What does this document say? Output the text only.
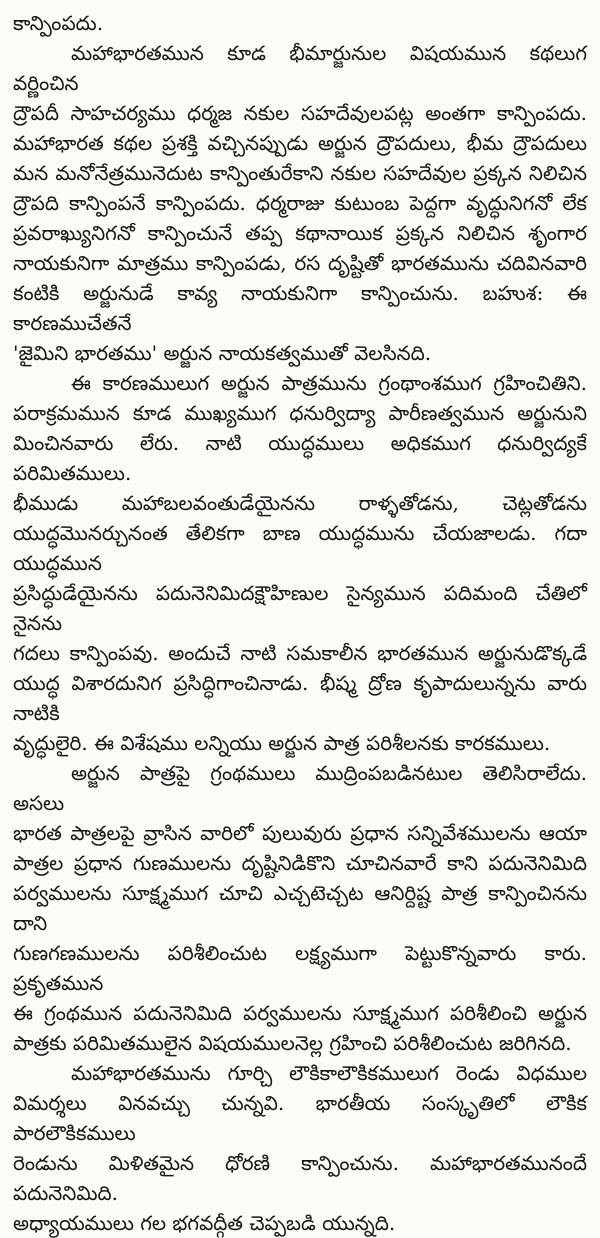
కాన్పింపదు.
మహాభారతమున కూడ భీమార్జునుల విషయమున కథలుగ వర్ణించిన
ద్రౌపదీ సాహచర్యము ధర్మజ నకుల సహదేవులపట్ల అంతగా కాన్పింపదు.
మహాభారత కథల ప్రశక్తి వచ్చినప్పుడు అర్జున ద్రౌపదులు, భీమ ద్రౌపదులు
మన మనోనేత్రమునెదుట కాన్పింతురేకాని నకుల సహదేవుల ప్రక్కన నిలిచిన
ద్రౌపది కాన్పింపనే కాన్పింపదు. ధర్మరాజు కుటుంబ పెద్దగా వృద్ధునిగనో లేక
ప్రవరాఖ్యునిగనో కాన్పించునే తప్ప కథానాయిక ప్రక్కన నిలిచిన శృంగార
నాయకునిగా మాత్రము కాన్పింపడు, రస దృష్టితో భారతమును చదివినవారి
కంటికి అర్జునుడే కావ్య నాయకునిగా కాన్పించును. బహుశ: ఈ కారణముచేతనే
'జైమిని భారతము' అర్జున నాయకత్వముతో వెలసినది.
ఈ కారణములుగ అర్జున పాత్రమును గ్రంథాంశముగ గ్రహించితిని.
పరాక్రమమున కూడ ముఖ్యముగ ధనుర్విద్యా పారీణత్వమున అర్జునుని
మించినవారు లేరు. నాటి యుద్ధములు అధికముగ ధనుర్విద్యకే పరిమితములు.
భీముడు మహాబలవంతుడేయైనను రాళ్ళతోడను, చెట్లతోడను
యుద్ధమొనర్చునంత తేలికగా బాణ యుద్ధమును చేయజాలడు. గదా యుద్ధమున
ప్రసిద్ధుడేయైనను పదునెనిమిదక్షౌహిణుల సైన్యమున పదిమంది చేతిలో నైనను
గదలు కాన్పింపవు. అందుచే నాటి సమకాలీన భారతమున అర్జునుడొక్కడే
యుద్ధ విశారదునిగ ప్రసిద్ధిగాంచినాడు. భీష్మ ద్రోణ కృపాదులున్నను వారు నాటికి
వృద్ధులైరి. ఈ విశేషము లన్నియు అర్జున పాత్ర పరిశీలనకు కారకములు.
అర్జున పాత్రపై గ్రంథములు ముద్రింపబడినటుల తెలిసిరాలేదు. అసలు
భారత పాత్రలపై వ్రాసిన వారిలో పులువురు ప్రధాన సన్నివేశములను ఆయా
పాత్రల ప్రధాన గుణములను దృష్టినిడికొని చూచినవారే కాని పదునెనిమిది
పర్వములను సూక్ష్మముగ చూచి ఎచ్చటెచ్చట ఆనిర్దిష్ట పాత్ర కాన్పించినను దాని
గుణగణములను పరిశీలించుట లక్ష్యముగా పెట్టుకొన్నవారు కారు. ప్రకృతమున
ఈ గ్రంథమున పదునెనిమిది పర్వములను సూక్ష్మముగ పరిశీలించి అర్జున
పాత్రకు పరిమితములైన విషయములనెల్ల గ్రహించి పరిశీలించుట జరిగినది.
మహాభారతమును గూర్చి లౌకికాలౌకికములుగ రెండు విధముల
విమర్శలు వినవచ్చు చున్నవి. భారతీయ సంస్కృతిలో లౌకిక పారలౌకికములు
రెండును మిళితమైన ధోరణి కాన్పించును. మహాభారతమునందే పదునెనిమిది.
అధ్యాయములు గల భగవద్గీత చెప్పబడి యున్నది.
